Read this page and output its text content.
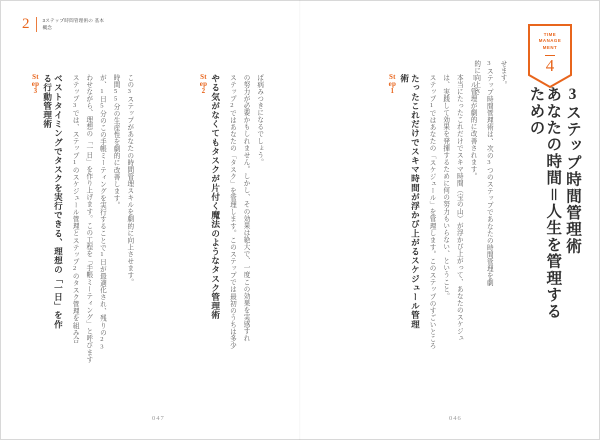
2	3ステップ時間管理術の 基本概念
TIME
MANAGE
MENT
4
あなたの時間＝人生を管理するための	3ステップ時間管理術
3ステップ時間管理術は、次の3つのステップであなたの時間管理を劇的に向上さ	せます。
Step1	たったこれだけでスキマ時間が浮かび上がるスケジュール管理術	ステップ1ではあなたの「スケジュール」を管理します。このステップのすごいところ	は、実践して効果を発揮するために何の努力もいらない、ということ。	本当にたったこれだけでスキマ時間（宝の山）が浮かび上がって、あなたのスケジュ	ール管理が劇的に改善されます。
Step2 やる気がなくてもタスクが片付く魔法のようなタスク管理術	ステップ2ではあなたの「タスク」を管理します。このステップでは最初のうちは多少	の努力が必要かもしれません。しかし、その効果は絶大で、一度この効果を実感すれ	ば病みつきになるでしょう。
Step3	ベストタイミングでタスクを実行できる、理想の「一日」を作る行動管理術	ステップ3では、ステップ1のスケジュール管理とステップ2のタスク管理を組み合	わせながら、理想の「一日」を作り上げます。この工程を「手帳ミーティング」と呼びます	が、1日5分のこの手帳ミーティングを実行することで1日が最適化され、残りの23	時間55分の生産性を劇的に改善します。	この3ステップがあなたの時間管理スキルを劇的に向上させます。
047	046
